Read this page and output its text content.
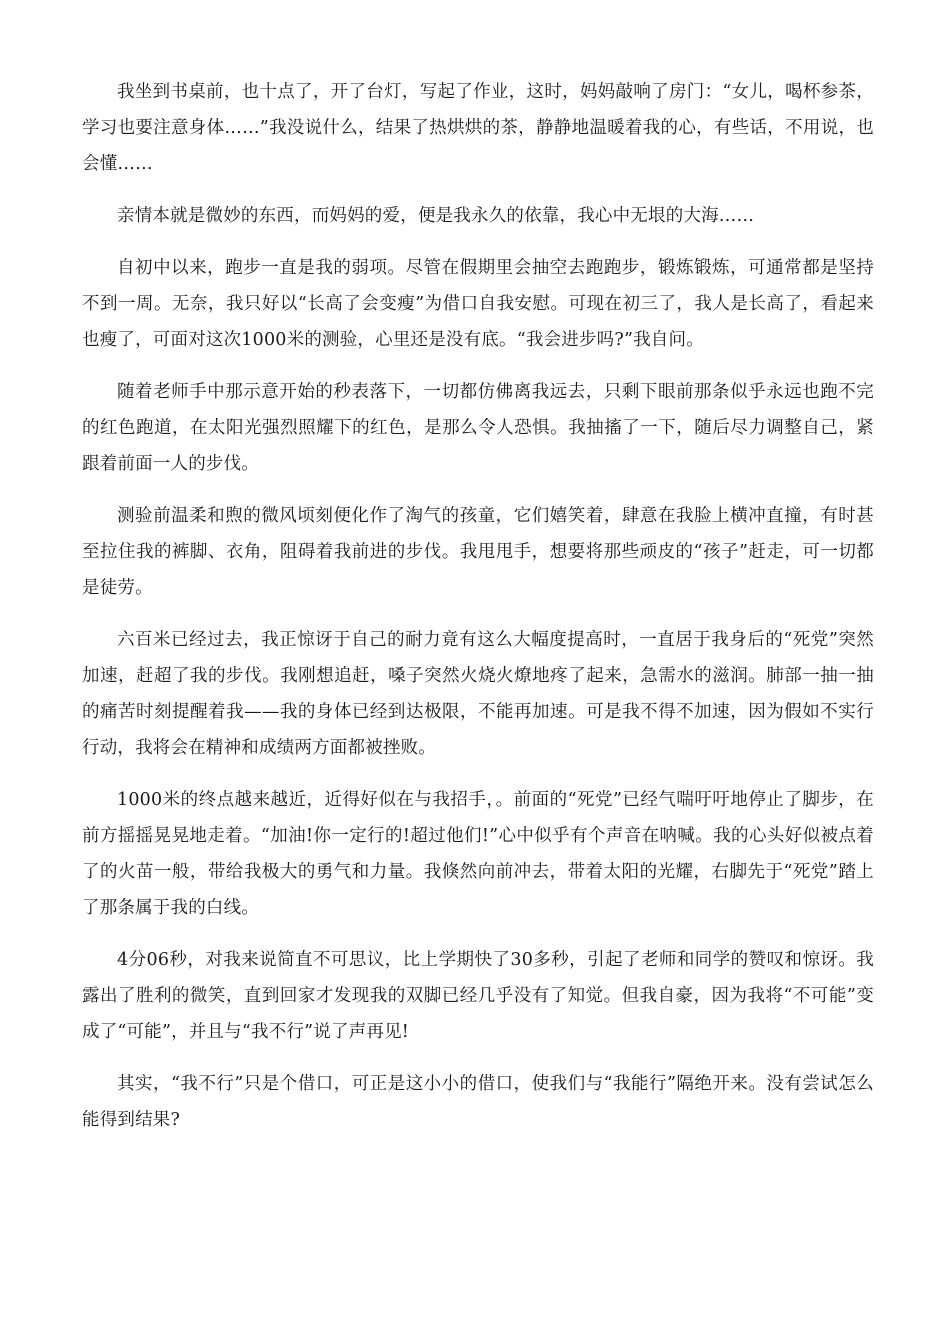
我坐到书桌前，也十点了，开了台灯，写起了作业，这时，妈妈敲响了房门：“女儿，喝杯参茶，学习也要注意身体……”我没说什么，结果了热烘烘的茶，静静地温暖着我的心，有些话，不用说，也会懂……

亲情本就是微妙的东西，而妈妈的爱，便是我永久的依靠，我心中无垠的大海……

自初中以来，跑步一直是我的弱项。尽管在假期里会抽空去跑跑步，锻炼锻炼，可通常都是坚持不到一周。无奈，我只好以“长高了会变瘦”为借口自我安慰。可现在初三了，我人是长高了，看起来也瘦了，可面对这次1000米的测验，心里还是没有底。“我会进步吗?”我自问。

随着老师手中那示意开始的秒表落下，一切都仿佛离我远去，只剩下眼前那条似乎永远也跑不完的红色跑道，在太阳光强烈照耀下的红色，是那么令人恐惧。我抽搐了一下，随后尽力调整自己，紧跟着前面一人的步伐。

测验前温柔和煦的微风顷刻便化作了淘气的孩童，它们嬉笑着，肆意在我脸上横冲直撞，有时甚至拉住我的裤脚、衣角，阻碍着我前进的步伐。我甩甩手，想要将那些顽皮的“孩子”赶走，可一切都是徒劳。

六百米已经过去，我正惊讶于自己的耐力竟有这么大幅度提高时，一直居于我身后的“死党”突然加速，赶超了我的步伐。我刚想追赶，嗓子突然火烧火燎地疼了起来，急需水的滋润。肺部一抽一抽的痛苦时刻提醒着我——我的身体已经到达极限，不能再加速。可是我不得不加速，因为假如不实行行动，我将会在精神和成绩两方面都被挫败。

1000米的终点越来越近，近得好似在与我招手，。前面的“死党”已经气喘吁吁地停止了脚步，在前方摇摇晃晃地走着。“加油!你一定行的!超过他们!”心中似乎有个声音在呐喊。我的心头好似被点着了的火苗一般，带给我极大的勇气和力量。我倏然向前冲去，带着太阳的光耀，右脚先于“死党”踏上了那条属于我的白线。

4分06秒，对我来说简直不可思议，比上学期快了30多秒，引起了老师和同学的赞叹和惊讶。我露出了胜利的微笑，直到回家才发现我的双脚已经几乎没有了知觉。但我自豪，因为我将“不可能”变成了“可能”，并且与“我不行”说了声再见!

其实，“我不行”只是个借口，可正是这小小的借口，使我们与“我能行”隔绝开来。没有尝试怎么能得到结果?
